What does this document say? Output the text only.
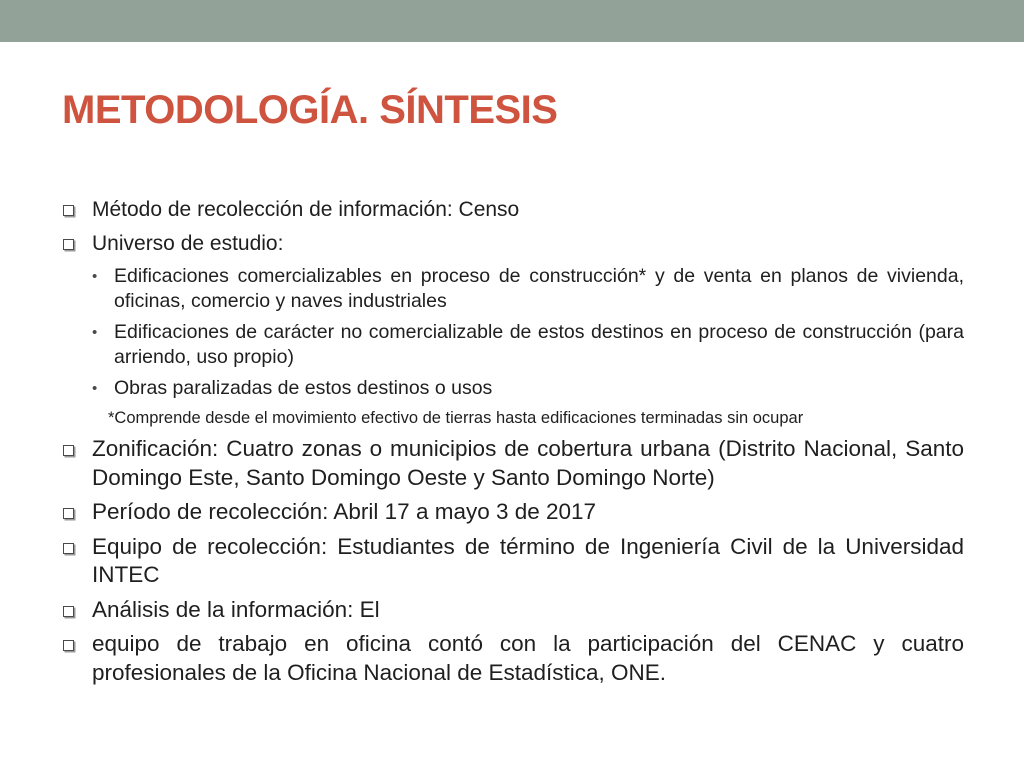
METODOLOGÍA. SÍNTESIS
Método de recolección de información: Censo
Universo de estudio:
• Edificaciones comercializables en proceso de construcción* y de venta en planos de vivienda, oficinas, comercio y naves industriales
• Edificaciones de carácter no comercializable de estos destinos en proceso de construcción (para arriendo, uso propio)
• Obras paralizadas de estos destinos o usos
*Comprende desde el movimiento efectivo de tierras hasta edificaciones terminadas sin ocupar
Zonificación: Cuatro zonas o municipios de cobertura urbana (Distrito Nacional, Santo Domingo Este, Santo Domingo Oeste y Santo Domingo Norte)
Período de recolección: Abril 17 a mayo 3 de 2017
Equipo de recolección: Estudiantes de término de Ingeniería Civil de la Universidad INTEC
Análisis de la información: El
equipo de trabajo en oficina contó con la participación del CENAC y cuatro profesionales de la Oficina Nacional de Estadística, ONE.
